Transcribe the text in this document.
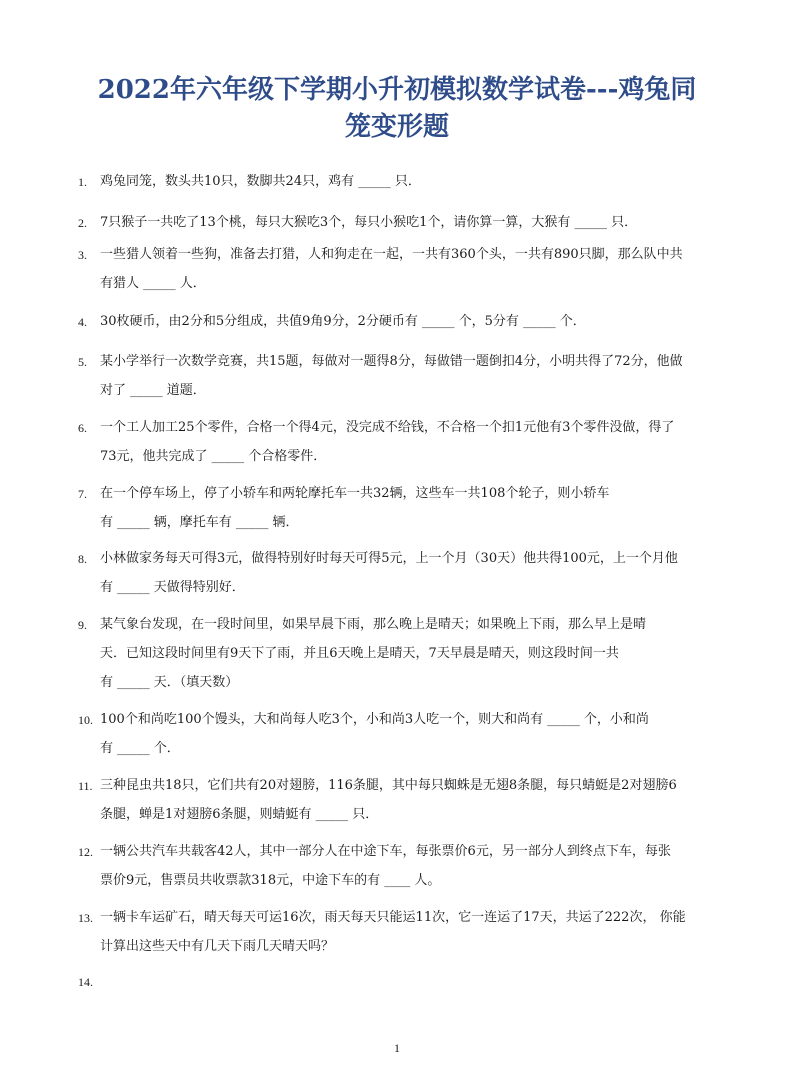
2022年六年级下学期小升初模拟数学试卷---鸡兔同
笼变形题
1.	鸡兔同笼，数头共10只，数脚共24只，鸡有 _____ 只．
2.	7只猴子一共吃了13个桃，每只大猴吃3个，每只小猴吃1个，请你算一算，大猴有 _____ 只．
3.	一些猎人领着一些狗，准备去打猎，人和狗走在一起，一共有360个头，一共有890只脚，那么队中共
有猎人 _____ 人．
4.	30枚硬币，由2分和5分组成，共值9角9分，2分硬币有 _____ 个，5分有 _____ 个．
5.	某小学举行一次数学竞赛，共15题，每做对一题得8分，每做错一题倒扣4分，小明共得了72分，他做
对了 _____ 道题．
6.	一个工人加工25个零件，合格一个得4元，没完成不给钱，不合格一个扣1元他有3个零件没做，得了
73元，他共完成了 _____ 个合格零件．
7.	在一个停车场上，停了小轿车和两轮摩托车一共32辆，这些车一共108个轮子，则小轿车
有 _____ 辆，摩托车有 _____ 辆．
8.	小林做家务每天可得3元，做得特别好时每天可得5元，上一个月（30天）他共得100元，上一个月他
有 _____ 天做得特别好．
9.	某气象台发现，在一段时间里，如果早晨下雨，那么晚上是晴天；如果晚上下雨，那么早上是晴
天．已知这段时间里有9天下了雨，并且6天晚上是晴天，7天早晨是晴天，则这段时间一共
有 _____ 天．（填天数）
10. 100个和尚吃100个馒头，大和尚每人吃3个，小和尚3人吃一个，则大和尚有 _____ 个，小和尚
有 _____ 个．
11. 三种昆虫共18只，它们共有20对翅膀，116条腿，其中每只蜘蛛是无翅8条腿，每只蜻蜓是2对翅膀6
条腿，蝉是1对翅膀6条腿，则蜻蜓有 _____ 只．
12. 一辆公共汽车共载客42人，其中一部分人在中途下车，每张票价6元，另一部分人到终点下车，每张
票价9元，售票员共收票款318元，中途下车的有 ____ 人。
13. 一辆卡车运矿石，晴天每天可运16次，雨天每天只能运11次，它一连运了17天，共运了222次， 你能
计算出这些天中有几天下雨几天晴天吗？
14.
1
